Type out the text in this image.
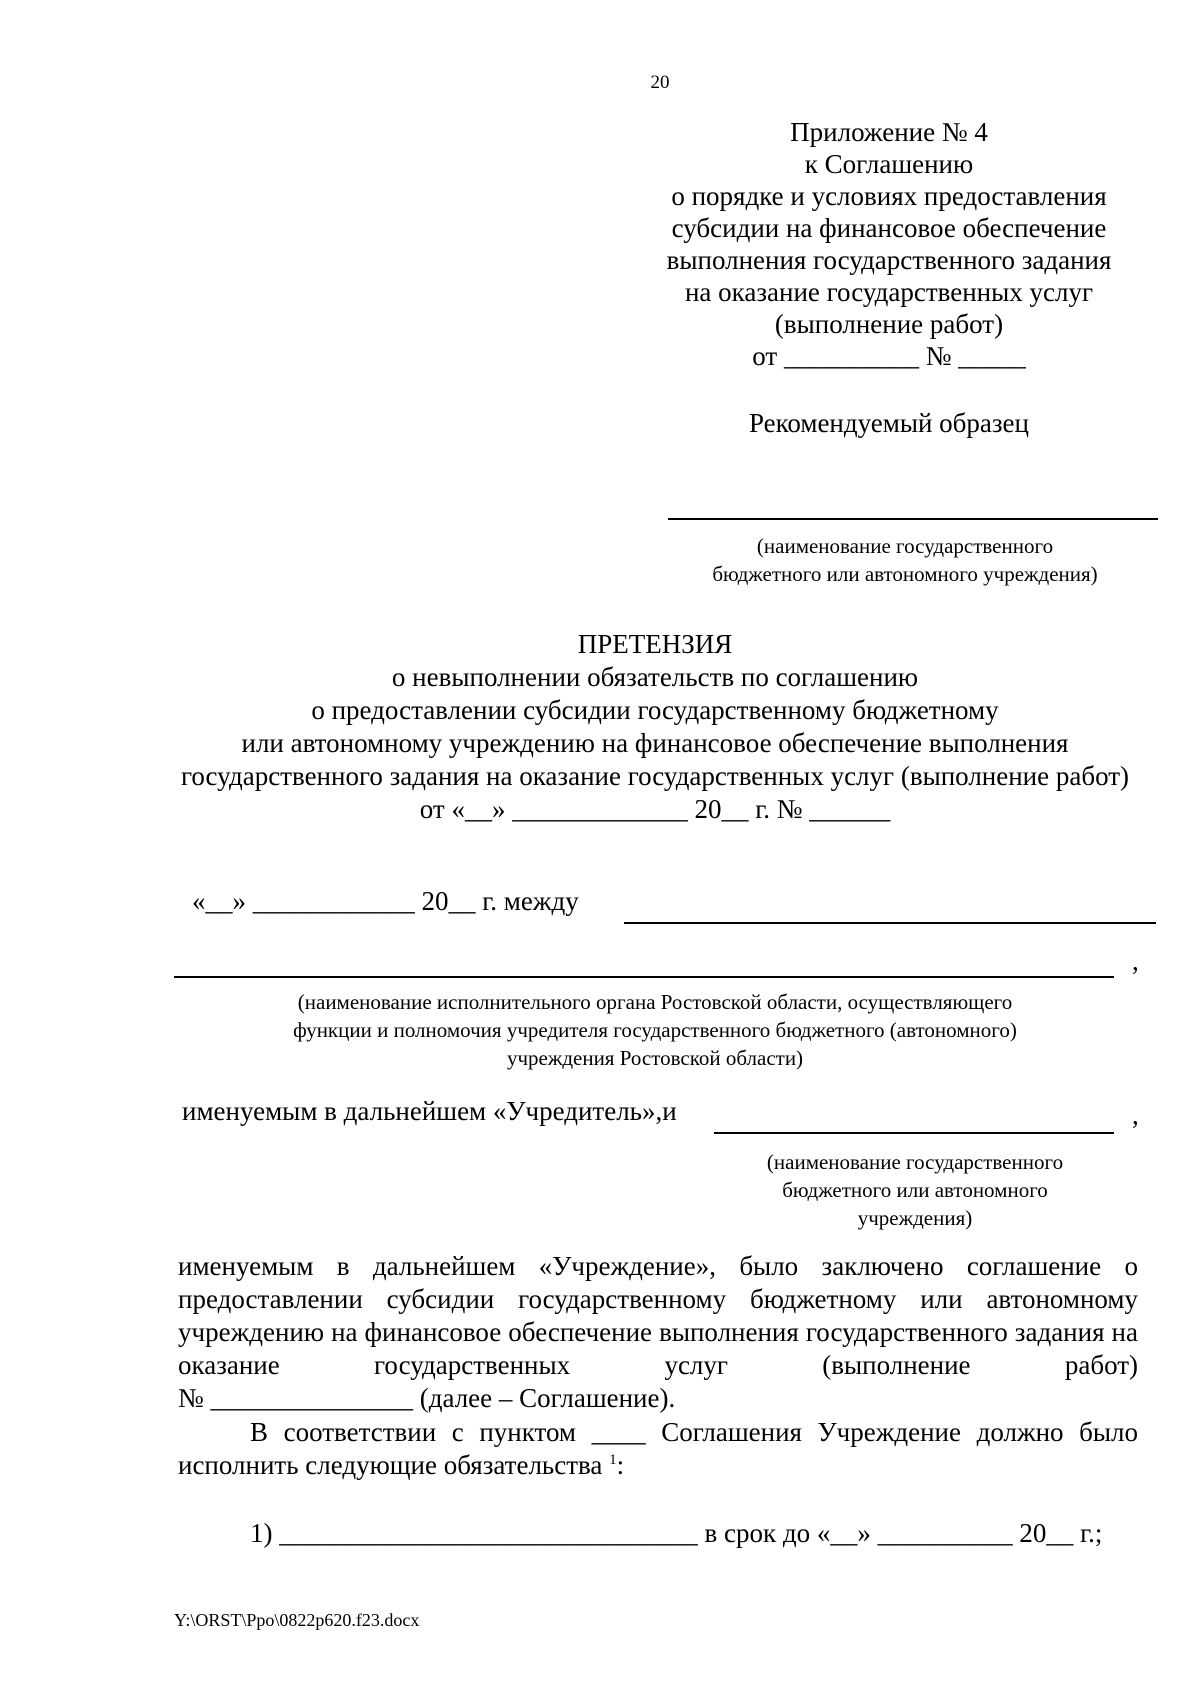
20
Приложение № 4
к Соглашению
о порядке и условиях предоставления
субсидии на финансовое обеспечение
выполнения государственного задания
на оказание государственных услуг
(выполнение работ)
от __________ № _____
Рекомендуемый образец
(наименование государственного
бюджетного или автономного учреждения)
ПРЕТЕНЗИЯ
о невыполнении обязательств по соглашению
о предоставлении субсидии государственному бюджетному
или автономному учреждению на финансовое обеспечение выполнения
государственного задания на оказание государственных услуг (выполнение работ)
от «__» _____________ 20__ г. № ______
«__» ____________ 20__ г. между
,
(наименование исполнительного органа Ростовской области, осуществляющего
функции и полномочия учредителя государственного бюджетного (автономного)
учреждения Ростовской области)
именуемым в дальнейшем «Учредитель»,и	,
(наименование государственного
бюджетного или автономного
учреждения)
именуемым в дальнейшем «Учреждение», было заключено соглашение о предоставлении субсидии государственному бюджетному или автономному учреждению на финансовое обеспечение выполнения государственного задания на оказание государственных услуг (выполнение работ)
№ _______________ (далее – Соглашение).
В соответствии с пунктом ____ Соглашения Учреждение должно было исполнить следующие обязательства $^1$:
1) _______________________________ в срок до «__» __________ 20__ г.;
Y:\ORST\Ppo\0822p620.f23.docx
